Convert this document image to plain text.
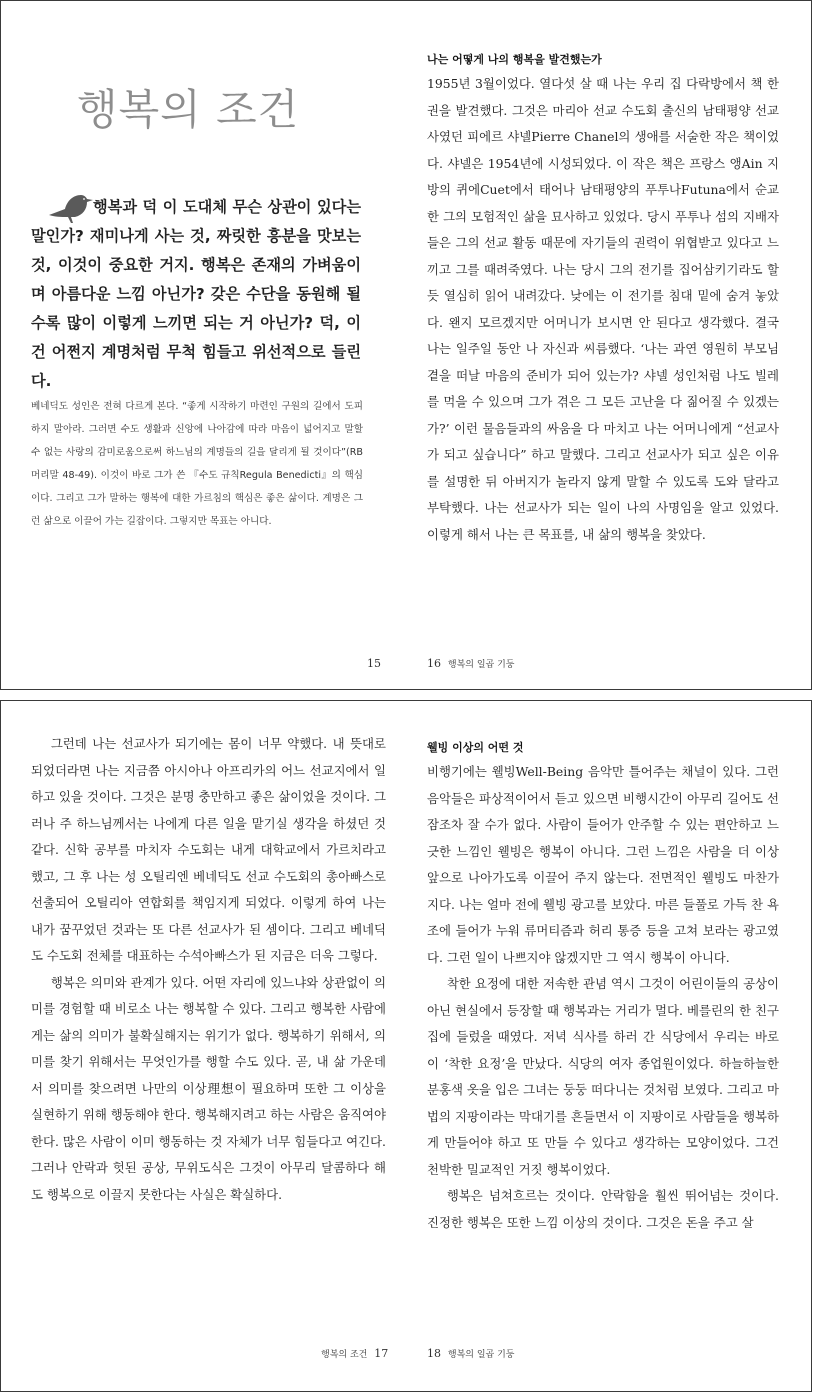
행복의 조건
행복과 덕 이 도대체 무슨 상관이 있다는 말인가? 재미나게 사는 것, 짜릿한 흥분을 맛보는 것, 이것이 중요한 거지. 행복은 존재의 가벼움이며 아름다운 느낌 아닌가? 갖은 수단을 동원해 될수록 많이 이렇게 느끼면 되는 거 아닌가? 덕, 이건 어쩐지 계명처럼 무척 힘들고 위선적으로 들린다.
베네딕도 성인은 전혀 다르게 본다. “좋게 시작하기 마련인 구원의 길에서 도피하지 말아라. 그러면 수도 생활과 신앙에 나아감에 따라 마음이 넓어지고 말할 수 없는 사랑의 감미로움으로써 하느님의 계명들의 길을 달리게 될 것이다”(RB 머리말 48-49). 이것이 바로 그가 쓴 『수도 규칙Regula Benedicti』의 핵심이다. 그리고 그가 말하는 행복에 대한 가르침의 핵심은 좋은 삶이다. 계명은 그런 삶으로 이끌어 가는 길잡이다. 그렇지만 목표는 아니다.
15
나는 어떻게 나의 행복을 발견했는가

1955년 3월이었다. 열다섯 살 때 나는 우리 집 다락방에서 책 한 권을 발견했다. 그것은 마리아 선교 수도회 출신의 남태평양 선교사였던 피에르 샤넬Pierre Chanel의 생애를 서술한 작은 책이었다. 샤넬은 1954년에 시성되었다. 이 작은 책은 프랑스 앵Ain 지방의 퀴에Cuet에서 태어나 남태평양의 푸투나Futuna에서 순교한 그의 모험적인 삶을 묘사하고 있었다. 당시 푸투나 섬의 지배자들은 그의 선교 활동 때문에 자기들의 권력이 위협받고 있다고 느끼고 그를 때려죽였다. 나는 당시 그의 전기를 집어삼키기라도 할 듯 열심히 읽어 내려갔다. 낮에는 이 전기를 침대 밑에 숨겨 놓았다. 왠지 모르겠지만 어머니가 보시면 안 된다고 생각했다. 결국 나는 일주일 동안 나 자신과 씨름했다. ‘나는 과연 영원히 부모님 곁을 떠날 마음의 준비가 되어 있는가? 샤넬 성인처럼 나도 빌레를 먹을 수 있으며 그가 겪은 그 모든 고난을 다 짊어질 수 있겠는가?’ 이런 물음들과의 싸움을 다 마치고 나는 어머니에게 “선교사가 되고 싶습니다” 하고 말했다. 그리고 선교사가 되고 싶은 이유를 설명한 뒤 아버지가 놀라지 않게 말할 수 있도록 도와 달라고 부탁했다. 나는 선교사가 되는 일이 나의 사명임을 알고 있었다. 이렇게 해서 나는 큰 목표를, 내 삶의 행복을 찾았다.

16 행복의 일곱 기둥

그런데 나는 선교사가 되기에는 몸이 너무 약했다. 내 뜻대로 되었더라면 나는 지금쯤 아시아나 아프리카의 어느 선교지에서 일하고 있을 것이다. 그것은 분명 충만하고 좋은 삶이었을 것이다. 그러나 주 하느님께서는 나에게 다른 일을 맡기실 생각을 하셨던 것 같다. 신학 공부를 마치자 수도회는 내게 대학교에서 가르치라고 했고, 그 후 나는 성 오틸리엔 베네딕도 선교 수도회의 총아빠스로 선출되어 오틸리아 연합회를 책임지게 되었다. 이렇게 하여 나는 내가 꿈꾸었던 것과는 또 다른 선교사가 된 셈이다. 그리고 베네딕도 수도회 전체를 대표하는 수석아빠스가 된 지금은 더욱 그렇다.

행복은 의미와 관계가 있다. 어떤 자리에 있느냐와 상관없이 의미를 경험할 때 비로소 나는 행복할 수 있다. 그리고 행복한 사람에게는 삶의 의미가 불확실해지는 위기가 없다. 행복하기 위해서, 의미를 찾기 위해서는 무엇인가를 행할 수도 있다. 곧, 내 삶 가운데서 의미를 찾으려면 나만의 이상理想이 필요하며 또한 그 이상을 실현하기 위해 행동해야 한다. 행복해지려고 하는 사람은 움직여야 한다. 많은 사람이 이미 행동하는 것 자체가 너무 힘들다고 여긴다. 그러나 안락과 헛된 공상, 무위도식은 그것이 아무리 달콤하다 해도 행복으로 이끌지 못한다는 사실은 확실하다.

행복의 조건 17
웰빙 이상의 어떤 것

비행기에는 웰빙Well-Being 음악만 틀어주는 채널이 있다. 그런 음악들은 파상적이어서 듣고 있으면 비행시간이 아무리 길어도 선잠조차 잘 수가 없다. 사람이 들어가 안주할 수 있는 편안하고 느긋한 느낌인 웰빙은 행복이 아니다. 그런 느낌은 사람을 더 이상 앞으로 나아가도록 이끌어 주지 않는다. 전면적인 웰빙도 마찬가지다. 나는 얼마 전에 웰빙 광고를 보았다. 마른 들풀로 가득 찬 욕조에 들어가 누워 류머티즘과 허리 통증 등을 고쳐 보라는 광고였다. 그런 일이 나쁘지야 않겠지만 그 역시 행복이 아니다.

착한 요정에 대한 저속한 관념 역시 그것이 어린이들의 공상이 아닌 현실에서 등장할 때 행복과는 거리가 멀다. 베를린의 한 친구 집에 들렀을 때였다. 저녁 식사를 하러 간 식당에서 우리는 바로 이 ‘착한 요정’을 만났다. 식당의 여자 종업원이었다. 하늘하늘한 분홍색 옷을 입은 그녀는 둥둥 떠다니는 것처럼 보였다. 그리고 마법의 지팡이라는 막대기를 흔들면서 이 지팡이로 사람들을 행복하게 만들어야 하고 또 만들 수 있다고 생각하는 모양이었다. 그건 천박한 밀교적인 거짓 행복이었다.

행복은 넘쳐흐르는 것이다. 안락함을 훨씬 뛰어넘는 것이다. 진정한 행복은 또한 느낌 이상의 것이다. 그것은 돈을 주고 살

18 행복의 일곱 기둥
